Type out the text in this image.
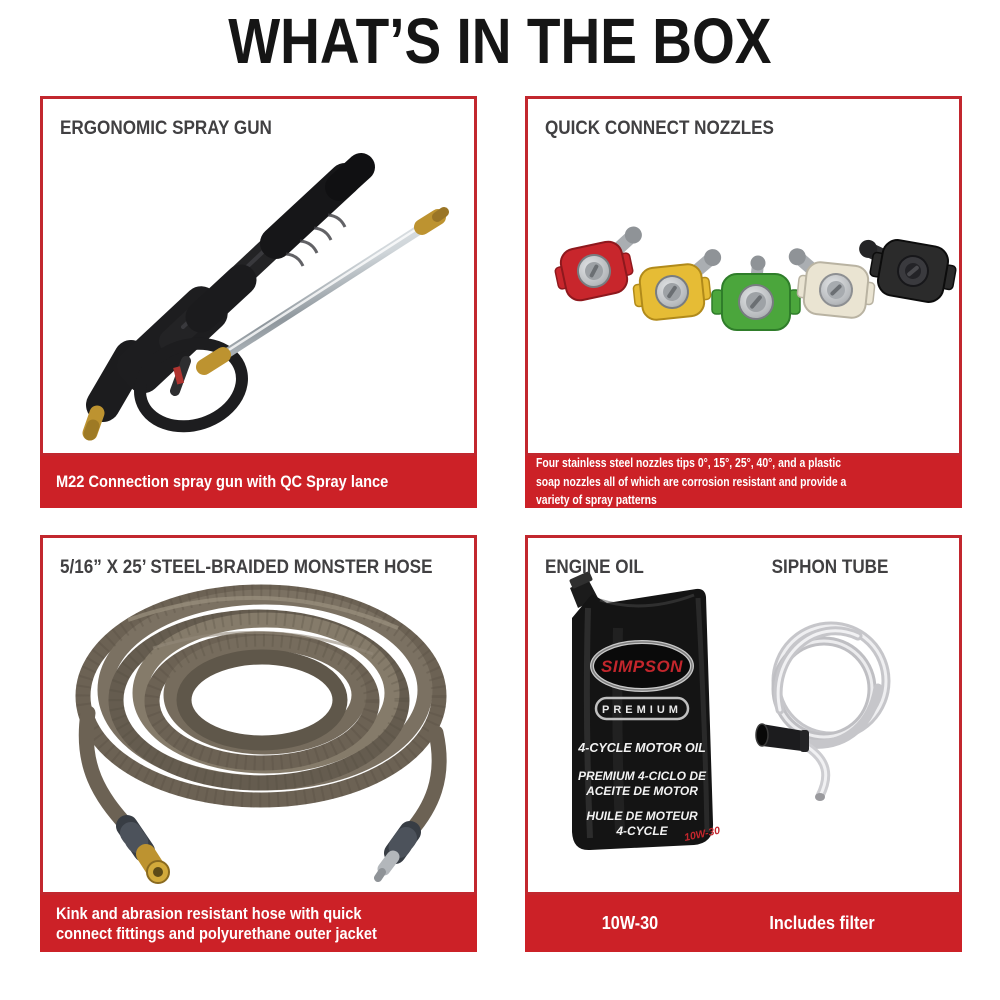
WHAT’S IN THE BOX
ERGONOMIC SPRAY GUN
M22 Connection spray gun with QC Spray lance
QUICK CONNECT NOZZLES
Four stainless steel nozzles tips 0°, 15°, 25°, 40°, and a plastic soap nozzles all of which are corrosion resistant and provide a variety of spray patterns
5/16” X 25’ STEEL-BRAIDED MONSTER HOSE
Kink and abrasion resistant hose with quick connect fittings and polyurethane outer jacket
ENGINE OIL	SIPHON TUBE
SIMPSON
PREMIUM
4-CYCLE MOTOR OIL
PREMIUM 4-CICLO DE
ACEITE DE MOTOR
HUILE DE MOTEUR
4-CYCLE 10W-30
10W-30	Includes filter
